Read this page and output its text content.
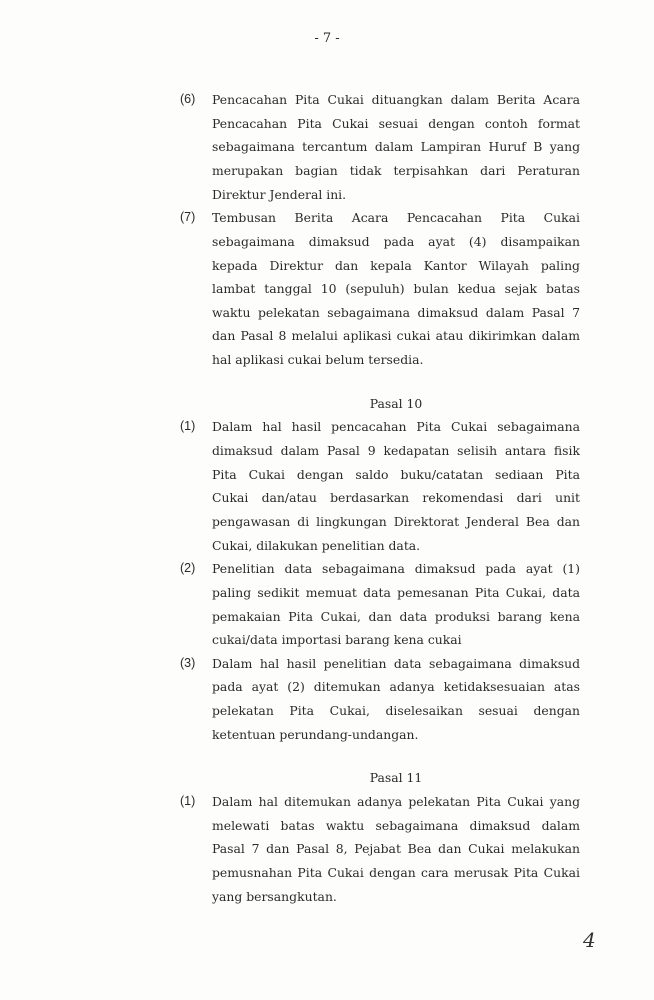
- 7 -
(6) Pencacahan Pita Cukai dituangkan dalam Berita Acara
Pencacahan Pita Cukai sesuai dengan contoh format
sebagaimana tercantum dalam Lampiran Huruf B yang
merupakan bagian tidak terpisahkan dari Peraturan
Direktur Jenderal ini.
(7) Tembusan Berita Acara Pencacahan Pita Cukai
sebagaimana dimaksud pada ayat (4) disampaikan
kepada Direktur dan kepala Kantor Wilayah paling
lambat tanggal 10 (sepuluh) bulan kedua sejak batas
waktu pelekatan sebagaimana dimaksud dalam Pasal 7
dan Pasal 8 melalui aplikasi cukai atau dikirimkan dalam
hal aplikasi cukai belum tersedia.
Pasal 10
(1) Dalam hal hasil pencacahan Pita Cukai sebagaimana
dimaksud dalam Pasal 9 kedapatan selisih antara fisik
Pita Cukai dengan saldo buku/catatan sediaan Pita
Cukai dan/atau berdasarkan rekomendasi dari unit
pengawasan di lingkungan Direktorat Jenderal Bea dan
Cukai, dilakukan penelitian data.
(2) Penelitian data sebagaimana dimaksud pada ayat (1)
paling sedikit memuat data pemesanan Pita Cukai, data
pemakaian Pita Cukai, dan data produksi barang kena
cukai/data importasi barang kena cukai
(3) Dalam hal hasil penelitian data sebagaimana dimaksud
pada ayat (2) ditemukan adanya ketidaksesuaian atas
pelekatan Pita Cukai, diselesaikan sesuai dengan
ketentuan perundang-undangan.
Pasal 11
(1) Dalam hal ditemukan adanya pelekatan Pita Cukai yang
melewati batas waktu sebagaimana dimaksud dalam
Pasal 7 dan Pasal 8, Pejabat Bea dan Cukai melakukan
pemusnahan Pita Cukai dengan cara merusak Pita Cukai
yang bersangkutan.
4
